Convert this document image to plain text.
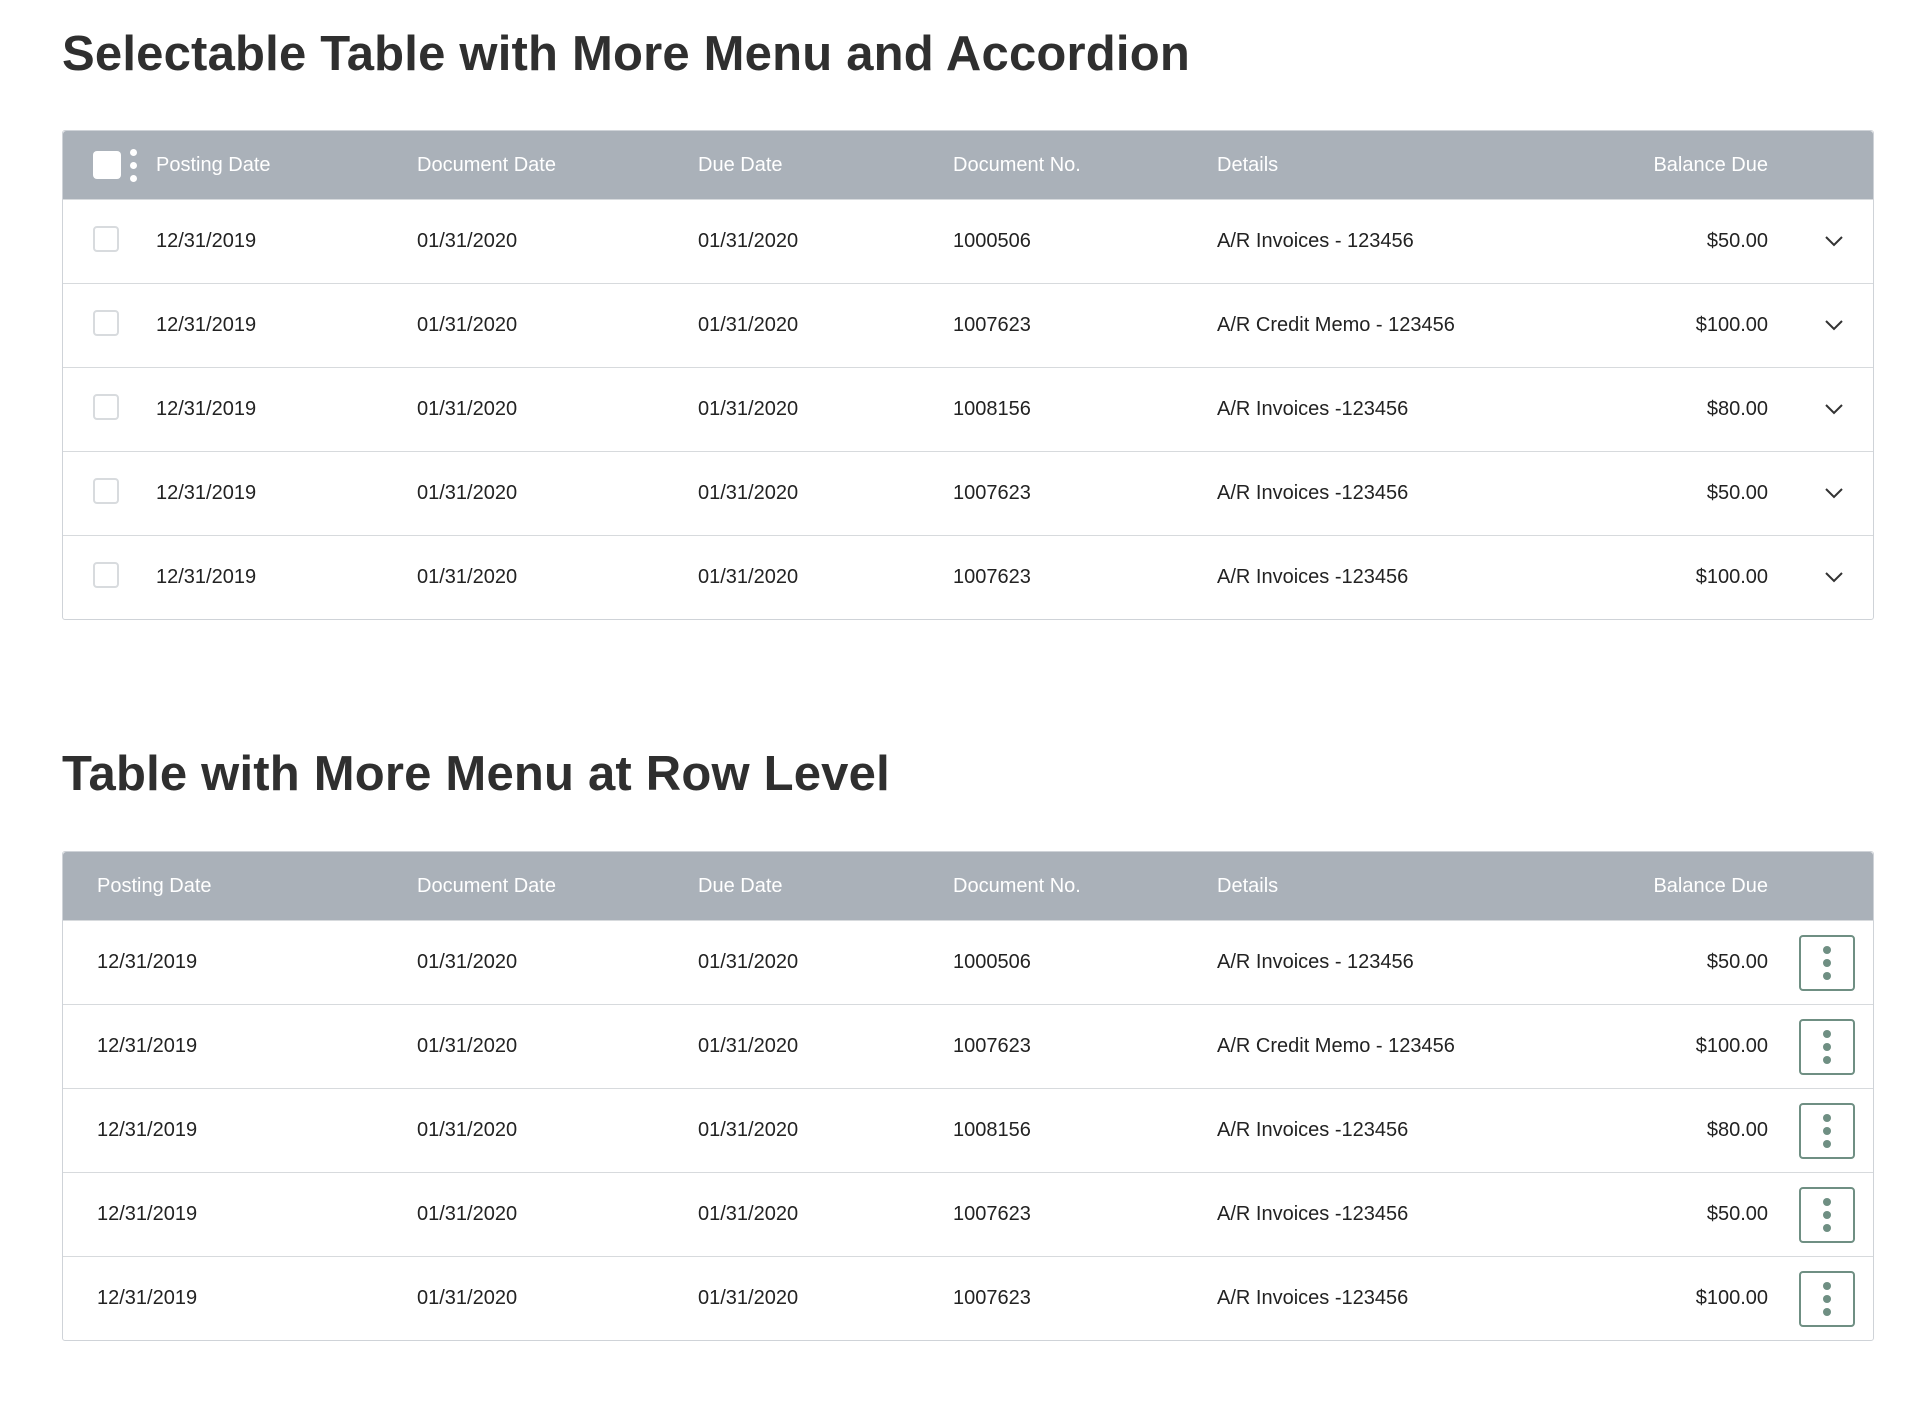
Selectable Table with More Menu and Accordion
Posting Date	Document Date	Due Date	Document No.	Details	Balance Due
12/31/2019	01/31/2020	01/31/2020	1000506	A/R Invoices - 123456	$50.00
12/31/2019	01/31/2020	01/31/2020	1007623	A/R Credit Memo - 123456	$100.00
12/31/2019	01/31/2020	01/31/2020	1008156	A/R Invoices -123456	$80.00
12/31/2019	01/31/2020	01/31/2020	1007623	A/R Invoices -123456	$50.00
12/31/2019	01/31/2020	01/31/2020	1007623	A/R Invoices -123456	$100.00
Table with More Menu at Row Level
Posting Date	Document Date	Due Date	Document No.	Details	Balance Due
12/31/2019	01/31/2020	01/31/2020	1000506	A/R Invoices - 123456	$50.00
12/31/2019	01/31/2020	01/31/2020	1007623	A/R Credit Memo - 123456	$100.00
12/31/2019	01/31/2020	01/31/2020	1008156	A/R Invoices -123456	$80.00
12/31/2019	01/31/2020	01/31/2020	1007623	A/R Invoices -123456	$50.00
12/31/2019	01/31/2020	01/31/2020	1007623	A/R Invoices -123456	$100.00
